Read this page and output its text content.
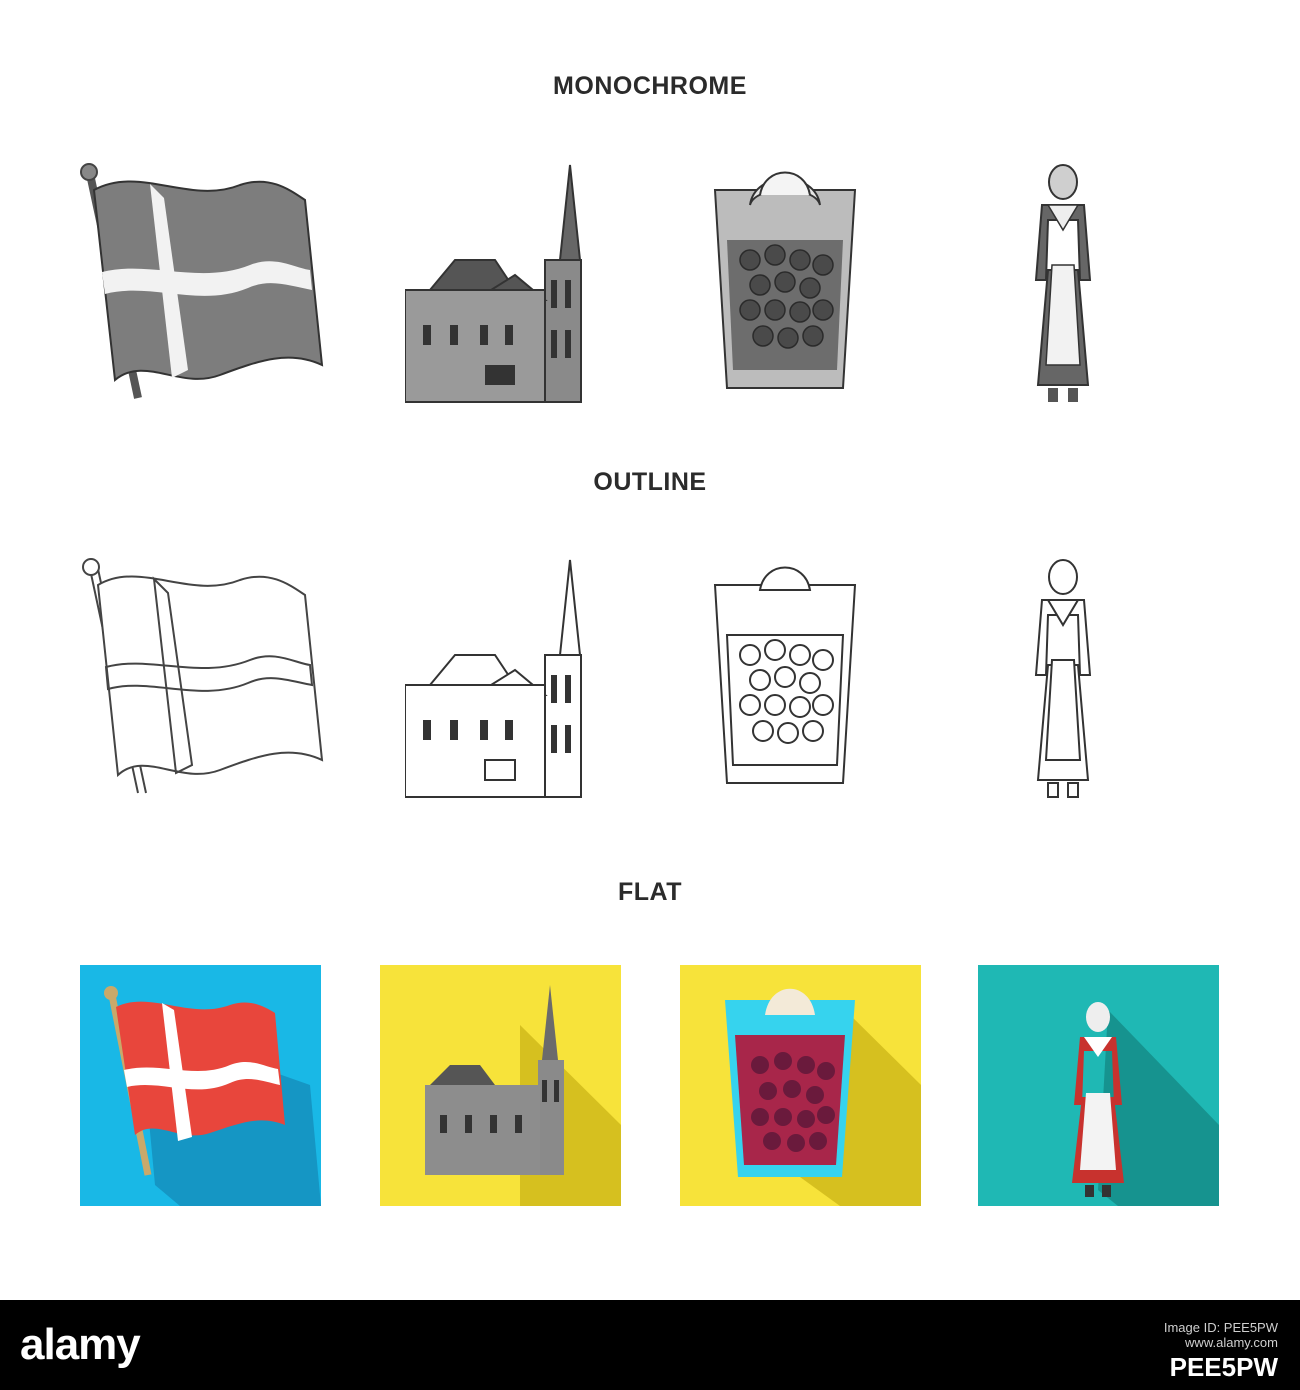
MONOCHROME
OUTLINE
FLAT
alamy	Image ID: PEE5PW
www.alamy.com
PEE5PW
